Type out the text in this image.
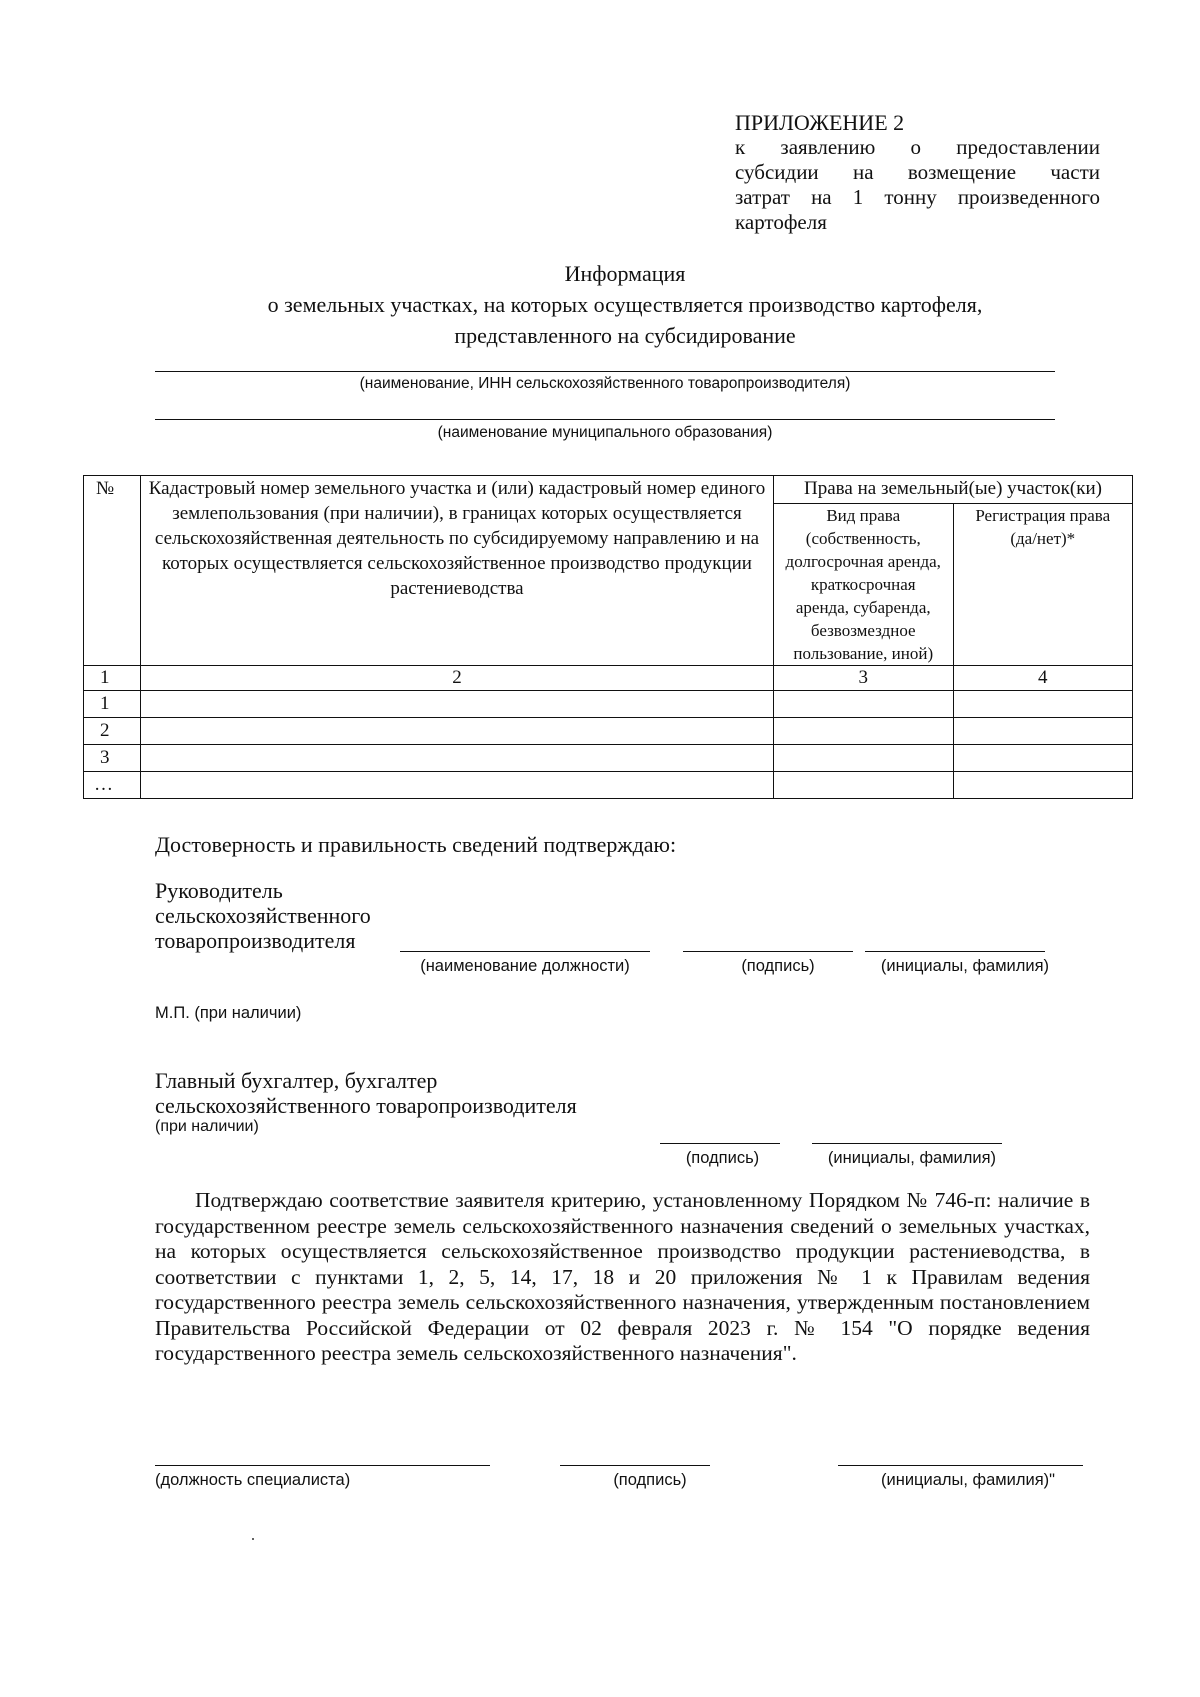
ПРИЛОЖЕНИЕ 2
к заявлению о предоставлении
субсидии на возмещение части
затрат на 1 тонну произведенного
картофеля
Информация
о земельных участках, на которых осуществляется производство картофеля,
представленного на субсидирование
(наименование, ИНН сельскохозяйственного товаропроизводителя)
(наименование муниципального образования)
№	Кадастровый номер земельного участка и (или) кадастровый номер единого землепользования (при наличии), в границах которых осуществляется сельскохозяйственная деятельность по субсидируемому направлению и на которых осуществляется сельскохозяйственное производство продукции растениеводства	Права на земельный(ые) участок(ки)	
		Вид права (собственность, долгосрочная аренда, краткосрочная аренда, субаренда, безвозмездное пользование, иной)	Регистрация права (да/нет)*
1	2	3	4
1			
2			
3			
…			
Достоверность и правильность сведений подтверждаю:
Руководитель
сельскохозяйственного
товаропроизводителя
(наименование должности)	(подпись)	(инициалы, фамилия)
М.П. (при наличии)
Главный бухгалтер, бухгалтер
сельскохозяйственного товаропроизводителя
(при наличии)
(подпись)	(инициалы, фамилия)
Подтверждаю соответствие заявителя критерию, установленному Порядком № 746-п: наличие в государственном реестре земель сельскохозяйственного назначения сведений о земельных участках, на которых осуществляется сельскохозяйственное производство продукции растениеводства, в соответствии с пунктами 1, 2, 5, 14, 17, 18 и 20 приложения № 1 к Правилам ведения государственного реестра земель сельскохозяйственного назначения, утвержденным постановлением Правительства Российской Федерации от 02 февраля 2023 г. № 154 "О порядке ведения государственного реестра земель сельскохозяйственного назначения".
(должность специалиста)	(подпись)	(инициалы, фамилия)"
